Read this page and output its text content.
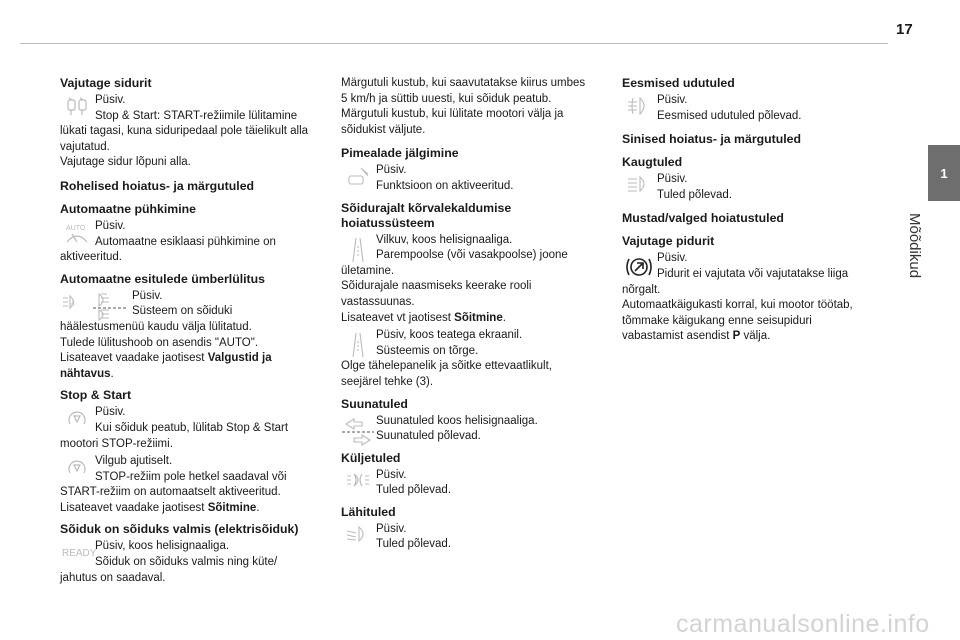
17
1
Mõõdikud
Vajutage sidurit

Püsiv.

Stop & Start: START-režiimile lülitamine lükati tagasi, kuna siduripedaal pole täielikult alla vajutatud.

Vajutage sidur lõpuni alla.

Rohelised hoiatus- ja märgutuled
Automaatne pühkimine
AUTO Püsiv.

Automaatne esiklaasi pühkimine on aktiveeritud.

Automaatne esitulede ümberlülitus
A

Püsiv.

Süsteem on sõiduki häälestusmenüü kaudu välja lülitatud.

Tulede lülitushoob on asendis "AUTO".

Lisateavet vaadake jaotisest Valgustid ja nähtavus.

Stop & Start

Püsiv.

Kui sõiduk peatub, lülitab Stop & Start mootori STOP-režiimi.

Vilgub ajutiselt.

STOP-režiim pole hetkel saadaval või START-režiim on automaatselt aktiveeritud.

Lisateavet vaadake jaotisest Sõitmine.

Sõiduk on sõiduks valmis (elektrisõiduk)
READY

Püsiv, koos helisignaaliga.

Sõiduk on sõiduks valmis ning küte/ jahutus on saadaval.

Märgutuli kustub, kui saavutatakse kiirus umbes 5 km/h ja süttib uuesti, kui sõiduk peatub. Märgutuli kustub, kui lülitate mootori välja ja sõidukist väljute.

Pimealade jälgimine

Püsiv.

Funktsioon on aktiveeritud.

Sõidurajalt kõrvalekaldumise hoiatussüsteem

Vilkuv, koos helisignaaliga.

Parempoolse (või vasakpoolse) joone ületamine.

Sõidurajale naasmiseks keerake rooli vastassuunas.

Lisateavet vt jaotisest Sõitmine.

Püsiv, koos teatega ekraanil.

Süsteemis on tõrge.

Olge tähelepanelik ja sõitke ettevaatlikult, seejärel tehke (3).

Suunatuled

Suunatuled koos helisignaaliga.

Suunatuled põlevad.

Küljetuled

Püsiv.

Tuled põlevad.

Lähituled

Püsiv.

Tuled põlevad.

Eesmised udutuled

Püsiv.

Eesmised udutuled põlevad.

Sinised hoiatus- ja märgutuled
Kaugtuled

Püsiv.

Tuled põlevad.

Mustad/valged hoiatustuled
Vajutage pidurit

Püsiv.

Pidurit ei vajutata või vajutatakse liiga nõrgalt.

Automaatkäigukasti korral, kui mootor töötab, tõmmake käigukang enne seisupiduri vabastamist asendist P välja.

carmanualsonline.info
